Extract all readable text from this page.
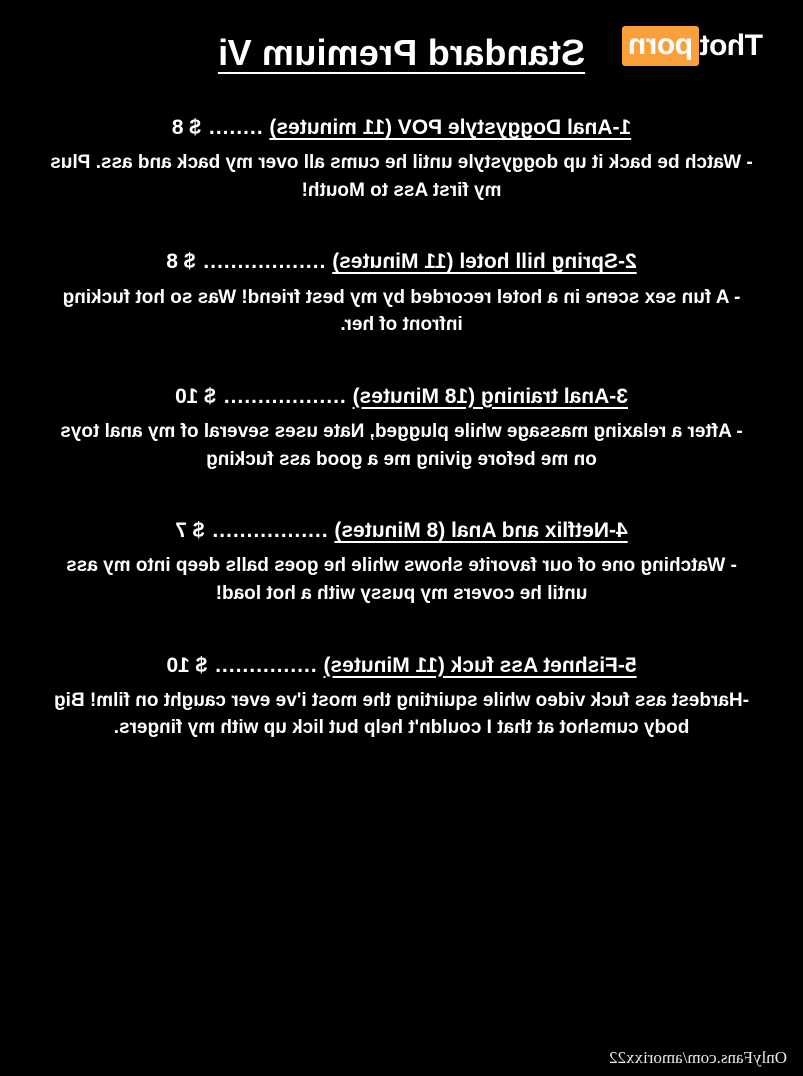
Thot
porn
Standard Premium Vi
1-Anal Doggystyle POV (11 minutes) ........ $ 8
- Watch be back it up doggystyle until he cums all over my back and ass. Plus my first Ass to Mouth!
2-Spring hill hotel (11 Minutes) .................. $ 8
- A fun sex scene in a hotel recorded by my best friend! Was so hot fucking infront of her.
3-Anal training (18 Minutes) .................. $ 10
- After a relaxing massage while plugged, Nate uses several of my anal toys on me before giving me a good ass fucking
4-Netflix and Anal (8 Minutes) ................. $ 7
- Watching one of our favorite shows while he goes balls deep into my ass until he covers my pussy with a hot load!
5-Fishnet Ass fuck (11 Minutes) ............... $ 10
-Hardest ass fuck video while squirting the most i've ever caught on film! Big body cumshot at that I couldn't help but lick up with my fingers.
OnlyFans.com/amorixx22
